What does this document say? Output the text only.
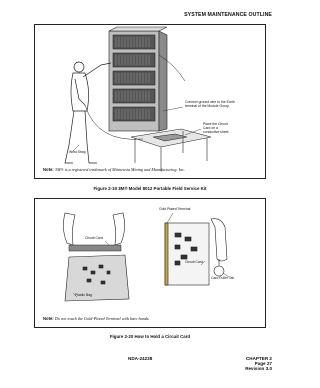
SYSTEM MAINTENANCE OUTLINE
Connect ground wire to the Earth
terminal of the Module Group.
Place the Circuit
Card on a
conductive sheet.
Wrist Strap
Note: 3M® is a registered trademark of Minnesota Mining and Manufacturing, Inc.
Figure 2-19 3M® Model 8012 Portable Field Service Kit
Gold Plated Terminal
Circuit Card
Circuit Card
Card Puller Tab
Plastic Bag
Note: Do not touch the Gold-Plated Terminal with bare hands.
Figure 2-20 How to Hold a Circuit Card
NDA-24238	CHAPTER 2
Page 27
Revision 3.0
